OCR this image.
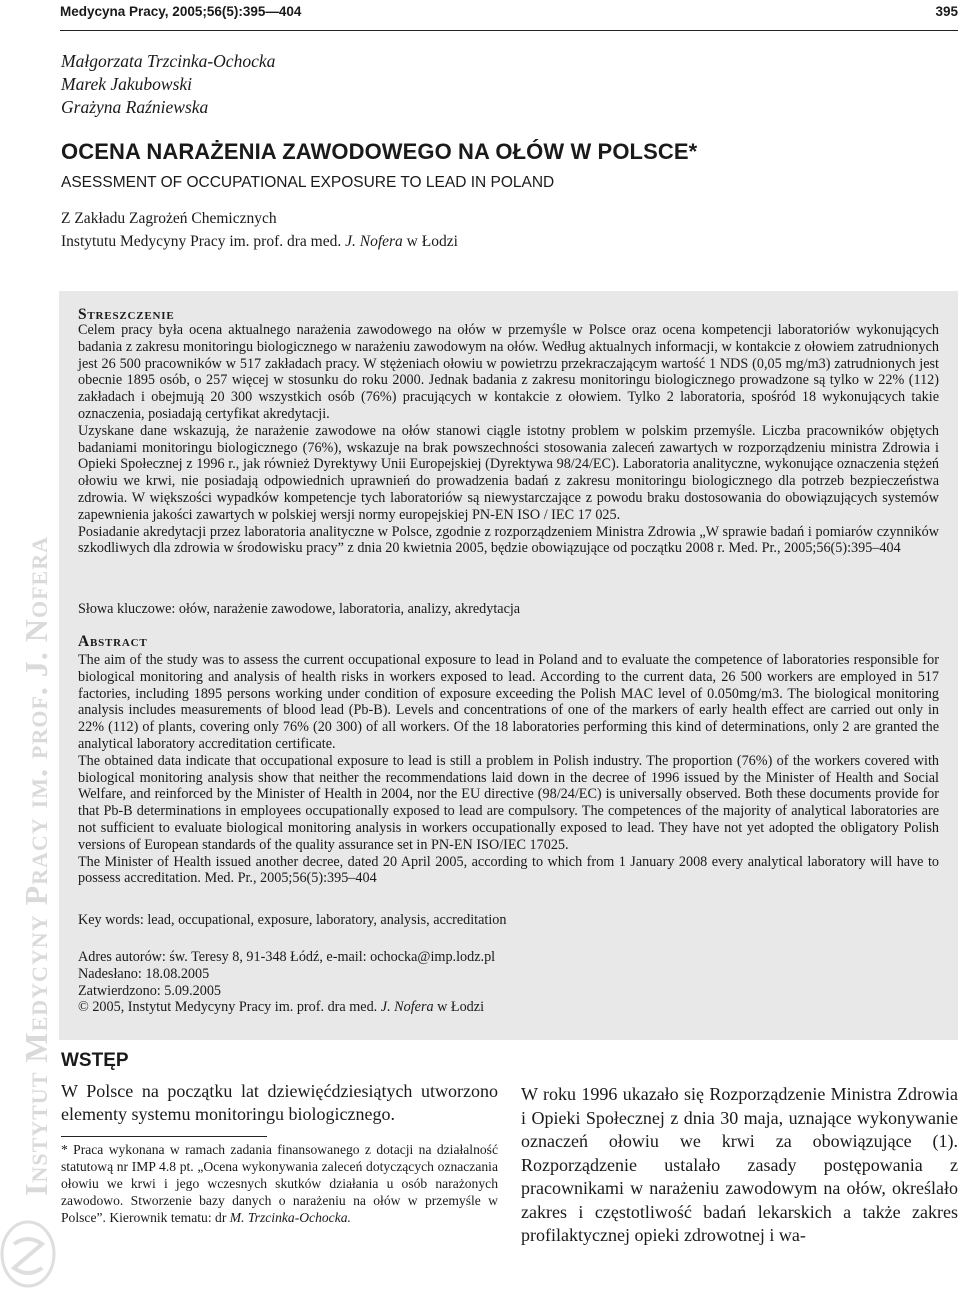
Medycyna Pracy, 2005;56(5):395—404	395
Małgorzata Trzcinka-Ochocka
Marek Jakubowski
Grażyna Raźniewska
OCENA NARAŻENIA ZAWODOWEGO NA OŁÓW W POLSCE*
ASESSMENT OF OCCUPATIONAL EXPOSURE TO LEAD IN POLAND
Z Zakładu Zagrożeń Chemicznych
Instytutu Medycyny Pracy im. prof. dra med. J. Nofera w Łodzi
Streszczenie

Celem pracy była ocena aktualnego narażenia zawodowego na ołów w przemyśle w Polsce oraz ocena kompetencji laboratoriów wykonujących badania z zakresu monitoringu biologicznego w narażeniu zawodowym na ołów. Według aktualnych informacji, w kontakcie z ołowiem zatrudnionych jest 26 500 pracowników w 517 zakładach pracy. W stężeniach ołowiu w powietrzu przekraczającym wartość 1 NDS (0,05 mg/m3) zatrudnionych jest obecnie 1895 osób, o 257 więcej w stosunku do roku 2000. Jednak badania z zakresu monitoringu biologicznego prowadzone są tylko w 22% (112) zakładach i obejmują 20 300 wszystkich osób (76%) pracujących w kontakcie z ołowiem. Tylko 2 laboratoria, spośród 18 wykonujących takie oznaczenia, posiadają certyfikat akredytacji.

Uzyskane dane wskazują, że narażenie zawodowe na ołów stanowi ciągle istotny problem w polskim przemyśle. Liczba pracowników objętych badaniami monitoringu biologicznego (76%), wskazuje na brak powszechności stosowania zaleceń zawartych w rozporządzeniu ministra Zdrowia i Opieki Społecznej z 1996 r., jak również Dyrektywy Unii Europejskiej (Dyrektywa 98/24/EC). Laboratoria analityczne, wykonujące oznaczenia stężeń ołowiu we krwi, nie posiadają odpowiednich uprawnień do prowadzenia badań z zakresu monitoringu biologicznego dla potrzeb bezpieczeństwa zdrowia. W większości wypadków kompetencje tych laboratoriów są niewystarczające z powodu braku dostosowania do obowiązujących systemów zapewnienia jakości zawartych w polskiej wersji normy europejskiej PN-EN ISO / IEC 17 025.

Posiadanie akredytacji przez laboratoria analityczne w Polsce, zgodnie z rozporządzeniem Ministra Zdrowia „W sprawie badań i pomiarów czynników szkodliwych dla zdrowia w środowisku pracy” z dnia 20 kwietnia 2005, będzie obowiązujące od początku 2008 r. Med. Pr., 2005;56(5):395–404

Słowa kluczowe: ołów, narażenie zawodowe, laboratoria, analizy, akredytacja
Abstract

The aim of the study was to assess the current occupational exposure to lead in Poland and to evaluate the competence of laboratories responsible for biological monitoring and analysis of health risks in workers exposed to lead. According to the current data, 26 500 workers are employed in 517 factories, including 1895 persons working under condition of exposure exceeding the Polish MAC level of 0.050mg/m3. The biological monitoring analysis includes measurements of blood lead (Pb-B). Levels and concentrations of one of the markers of early health effect are carried out only in 22% (112) of plants, covering only 76% (20 300) of all workers. Of the 18 laboratories performing this kind of determinations, only 2 are granted the analytical laboratory accreditation certificate.

The obtained data indicate that occupational exposure to lead is still a problem in Polish industry. The proportion (76%) of the workers covered with biological monitoring analysis show that neither the recommendations laid down in the decree of 1996 issued by the Minister of Health and Social Welfare, and reinforced by the Minister of Health in 2004, nor the EU directive (98/24/EC) is universally observed. Both these documents provide for that Pb-B determinations in employees occupationally exposed to lead are compulsory. The competences of the majority of analytical laboratories are not sufficient to evaluate biological monitoring analysis in workers occupationally exposed to lead. They have not yet adopted the obligatory Polish versions of European standards of the quality assurance set in PN-EN ISO/IEC 17025.

The Minister of Health issued another decree, dated 20 April 2005, according to which from 1 January 2008 every analytical laboratory will have to possess accreditation. Med. Pr., 2005;56(5):395–404

Key words: lead, occupational, exposure, laboratory, analysis, accreditation
Adres autorów: św. Teresy 8, 91-348 Łódź, e-mail: ochocka@imp.lodz.pl
Nadesłano: 18.08.2005
Zatwierdzono: 5.09.2005
© 2005, Instytut Medycyny Pracy im. prof. dra med. J. Nofera w Łodzi
Instytut Medycyny Pracy im. prof. J. Nofera WSTĘP
W Polsce na początku lat dziewięćdziesiątych utworzono elementy systemu monitoringu biologicznego.
* Praca wykonana w ramach zadania finansowanego z dotacji na działalność statutową nr IMP 4.8 pt. „Ocena wykonywania zaleceń dotyczących oznaczania ołowiu we krwi i jego wczesnych skutków działania u osób narażonych zawodowo. Stworzenie bazy danych o narażeniu na ołów w przemyśle w Polsce”. Kierownik tematu: dr M. Trzcinka-Ochocka.
W roku 1996 ukazało się Rozporządzenie Ministra Zdrowia i Opieki Społecznej z dnia 30 maja, uznające wykonywanie oznaczeń ołowiu we krwi za obowiązujące (1). Rozporządzenie ustalało zasady postępowania z pracownikami w narażeniu zawodowym na ołów, określało zakres i częstotliwość badań lekarskich a także zakres profilaktycznej opieki zdrowotnej i wa-
